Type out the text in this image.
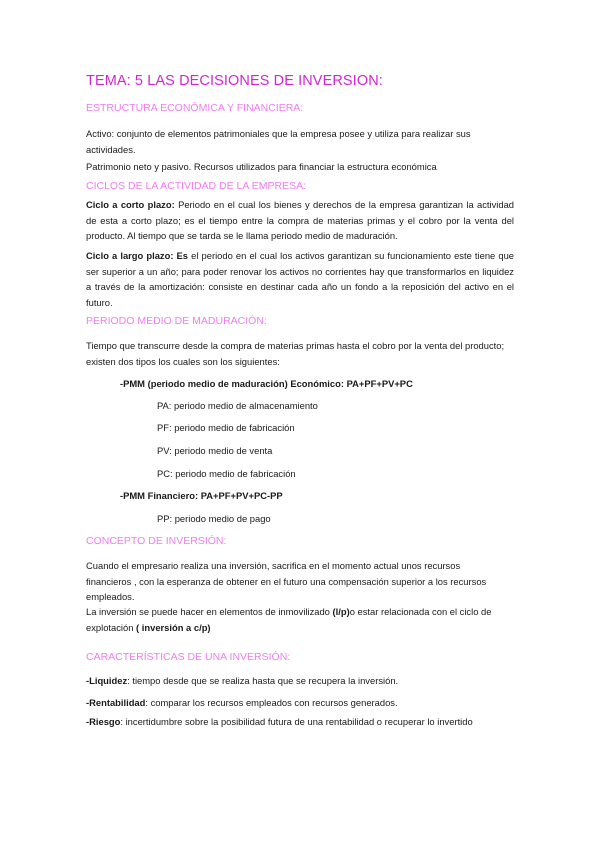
TEMA: 5 LAS DECISIONES DE INVERSION:
ESTRUCTURA ECONÓMICA Y FINANCIERA:
Activo: conjunto de elementos patrimoniales que la empresa posee y utiliza para realizar sus actividades.
Patrimonio neto y pasivo. Recursos utilizados para financiar la estructura económica
CICLOS DE LA ACTIVIDAD DE LA EMPRESA:
Ciclo a corto plazo: Periodo en el cual los bienes y derechos de la empresa garantizan la actividad de esta a corto plazo; es el tiempo entre la compra de materias primas y el cobro por la venta del producto. Al tiempo que se tarda se le llama periodo medio de maduración.
Ciclo a largo plazo: Es el periodo en el cual los activos garantizan su funcionamiento este tiene que ser superior a un año; para poder renovar los activos no corrientes hay que transformarlos en liquidez a través de la amortización: consiste en destinar cada año un fondo a la reposición del activo en el futuro.
PERIODO MEDIO DE MADURACIÓN:
Tiempo que transcurre desde la compra de materias primas hasta el cobro por la venta del producto; existen dos tipos los cuales son los siguientes:
-PMM (periodo medio de maduración) Económico: PA+PF+PV+PC
PA: periodo medio de almacenamiento
PF: periodo medio de fabricación
PV: periodo medio de venta
PC: periodo medio de fabricación
-PMM Financiero: PA+PF+PV+PC-PP
PP: periodo medio de pago
CONCEPTO DE INVERSIÓN:
Cuando el empresario realiza una inversión, sacrifica en el momento actual unos recursos financieros , con la esperanza de obtener en el futuro una compensación superior a los recursos empleados.
La inversión se puede hacer en elementos de inmovilizado (l/p)o estar relacionada con el ciclo de explotación ( inversión a c/p)
CARACTERÍSTICAS DE UNA INVERSIÓN:
-Liquidez: tiempo desde que se realiza hasta que se recupera la inversión.
-Rentabilidad: comparar los recursos empleados con recursos generados.
-Riesgo: incertidumbre sobre la posibilidad futura de una rentabilidad o recuperar lo invertido
